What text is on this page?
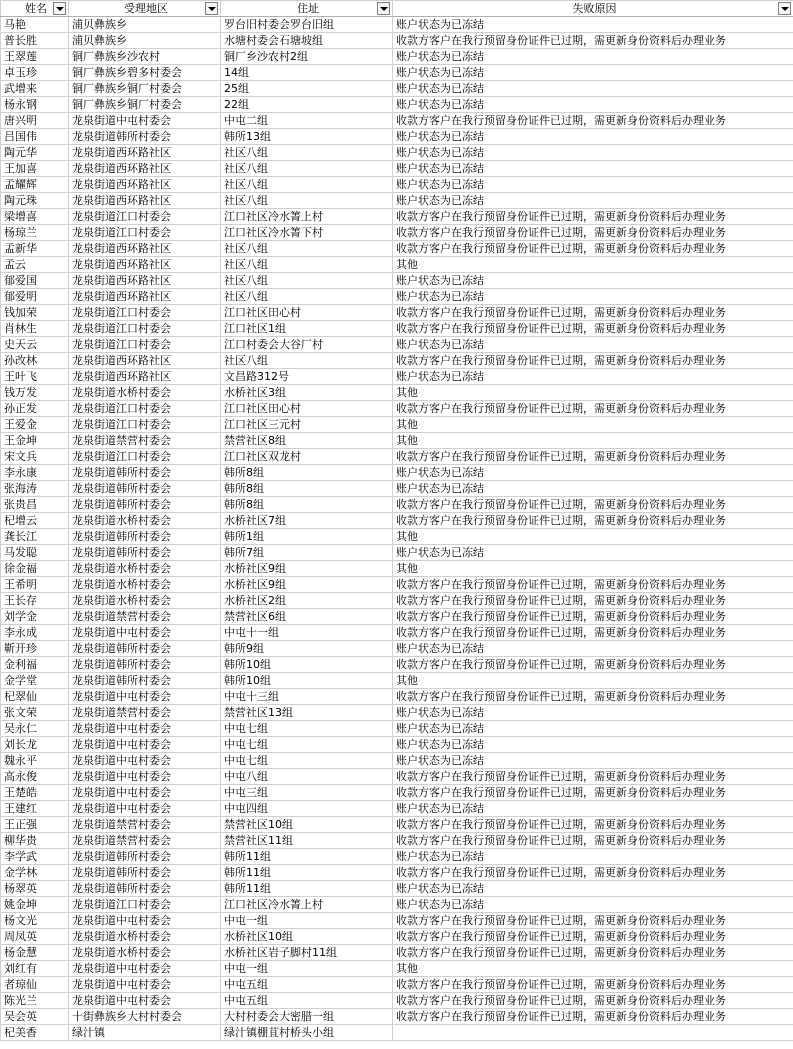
姓名	受理地区	住址	失败原因

马艳	浦贝彝族乡	罗台旧村委会罗台旧组	账户状态为已冻结
普长胜	浦贝彝族乡	水塘村委会石塘坡组	收款方客户在我行预留身份证件已过期，需更新身份资料后办理业务
王翠莲	铜厂彝族乡沙农村	铜厂乡沙农村2组	账户状态为已冻结
卓玉珍	铜厂彝族乡碧多村委会	14组	账户状态为已冻结
武增来	铜厂彝族乡铜厂村委会	25组	账户状态为已冻结
杨永钢	铜厂彝族乡铜厂村委会	22组	账户状态为已冻结
唐兴明	龙泉街道中屯村委会	中屯二组	收款方客户在我行预留身份证件已过期，需更新身份资料后办理业务
吕国伟	龙泉街道韩所村委会	韩所13组	账户状态为已冻结
陶元华	龙泉街道西环路社区	社区八组	账户状态为已冻结
王加喜	龙泉街道西环路社区	社区八组	账户状态为已冻结
孟耀辉	龙泉街道西环路社区	社区八组	账户状态为已冻结
陶元珠	龙泉街道西环路社区	社区八组	账户状态为已冻结
梁增喜	龙泉街道江口村委会	江口社区冷水箐上村	收款方客户在我行预留身份证件已过期，需更新身份资料后办理业务
杨琼兰	龙泉街道江口村委会	江口社区冷水箐下村	收款方客户在我行预留身份证件已过期，需更新身份资料后办理业务
孟新华	龙泉街道西环路社区	社区八组	收款方客户在我行预留身份证件已过期，需更新身份资料后办理业务
孟云	龙泉街道西环路社区	社区八组	其他
郁爱国	龙泉街道西环路社区	社区八组	账户状态为已冻结
郁爱明	龙泉街道西环路社区	社区八组	账户状态为已冻结
钱加荣	龙泉街道江口村委会	江口社区田心村	收款方客户在我行预留身份证件已过期，需更新身份资料后办理业务
肖林生	龙泉街道江口村委会	江口社区1组	收款方客户在我行预留身份证件已过期，需更新身份资料后办理业务
史天云	龙泉街道江口村委会	江口村委会大谷厂村	账户状态为已冻结
孙改林	龙泉街道西环路社区	社区八组	收款方客户在我行预留身份证件已过期，需更新身份资料后办理业务
王叶飞	龙泉街道西环路社区	文昌路312号	账户状态为已冻结
钱万发	龙泉街道水桥村委会	水桥社区3组	其他
孙正发	龙泉街道江口村委会	江口社区田心村	收款方客户在我行预留身份证件已过期，需更新身份资料后办理业务
王爱金	龙泉街道江口村委会	江口社区三元村	其他
王金坤	龙泉街道禁营村委会	禁营社区8组	其他
宋文兵	龙泉街道江口村委会	江口社区双龙村	收款方客户在我行预留身份证件已过期，需更新身份资料后办理业务
李永康	龙泉街道韩所村委会	韩所8组	账户状态为已冻结
张海涛	龙泉街道韩所村委会	韩所8组	账户状态为已冻结
张贵昌	龙泉街道韩所村委会	韩所8组	收款方客户在我行预留身份证件已过期，需更新身份资料后办理业务
杞增云	龙泉街道水桥村委会	水桥社区7组	收款方客户在我行预留身份证件已过期，需更新身份资料后办理业务
龚长江	龙泉街道韩所村委会	韩所1组	其他
马发聪	龙泉街道韩所村委会	韩所7组	账户状态为已冻结
徐金福	龙泉街道水桥村委会	水桥社区9组	其他
王希明	龙泉街道水桥村委会	水桥社区9组	收款方客户在我行预留身份证件已过期，需更新身份资料后办理业务
王长存	龙泉街道水桥村委会	水桥社区2组	收款方客户在我行预留身份证件已过期，需更新身份资料后办理业务
刘学金	龙泉街道禁营村委会	禁营社区6组	收款方客户在我行预留身份证件已过期，需更新身份资料后办理业务
李永成	龙泉街道中屯村委会	中屯十一组	收款方客户在我行预留身份证件已过期，需更新身份资料后办理业务
靳开珍	龙泉街道韩所村委会	韩所9组	账户状态为已冻结
金利福	龙泉街道韩所村委会	韩所10组	收款方客户在我行预留身份证件已过期，需更新身份资料后办理业务
金学堂	龙泉街道韩所村委会	韩所10组	其他
杞翠仙	龙泉街道中屯村委会	中屯十三组	收款方客户在我行预留身份证件已过期，需更新身份资料后办理业务
张文荣	龙泉街道禁营村委会	禁营社区13组	账户状态为已冻结
吴永仁	龙泉街道中屯村委会	中屯七组	账户状态为已冻结
刘长龙	龙泉街道中屯村委会	中屯七组	账户状态为已冻结
魏永平	龙泉街道中屯村委会	中屯七组	账户状态为已冻结
高永俊	龙泉街道中屯村委会	中屯八组	收款方客户在我行预留身份证件已过期，需更新身份资料后办理业务
王楚皓	龙泉街道中屯村委会	中屯三组	收款方客户在我行预留身份证件已过期，需更新身份资料后办理业务
王建红	龙泉街道中屯村委会	中屯四组	账户状态为已冻结
王正强	龙泉街道禁营村委会	禁营社区10组	收款方客户在我行预留身份证件已过期，需更新身份资料后办理业务
柳华贵	龙泉街道禁营村委会	禁营社区11组	收款方客户在我行预留身份证件已过期，需更新身份资料后办理业务
李学武	龙泉街道韩所村委会	韩所11组	账户状态为已冻结
金学林	龙泉街道韩所村委会	韩所11组	收款方客户在我行预留身份证件已过期，需更新身份资料后办理业务
杨翠英	龙泉街道韩所村委会	韩所11组	账户状态为已冻结
姚金坤	龙泉街道江口村委会	江口社区冷水箐上村	账户状态为已冻结
杨文光	龙泉街道中屯村委会	中屯一组	收款方客户在我行预留身份证件已过期，需更新身份资料后办理业务
周凤英	龙泉街道水桥村委会	水桥社区10组	收款方客户在我行预留身份证件已过期，需更新身份资料后办理业务
杨金慧	龙泉街道水桥村委会	水桥社区岩子脚村11组	收款方客户在我行预留身份证件已过期，需更新身份资料后办理业务
刘红有	龙泉街道中屯村委会	中屯一组	其他
者琼仙	龙泉街道中屯村委会	中屯五组	收款方客户在我行预留身份证件已过期，需更新身份资料后办理业务
陈光兰	龙泉街道中屯村委会	中屯五组	收款方客户在我行预留身份证件已过期，需更新身份资料后办理业务
吴会英	十街彝族乡大村村委会	大村村委会大密腊一组	收款方客户在我行预留身份证件已过期，需更新身份资料后办理业务
杞美香	绿汁镇	绿汁镇棚苴村桥头小组	
